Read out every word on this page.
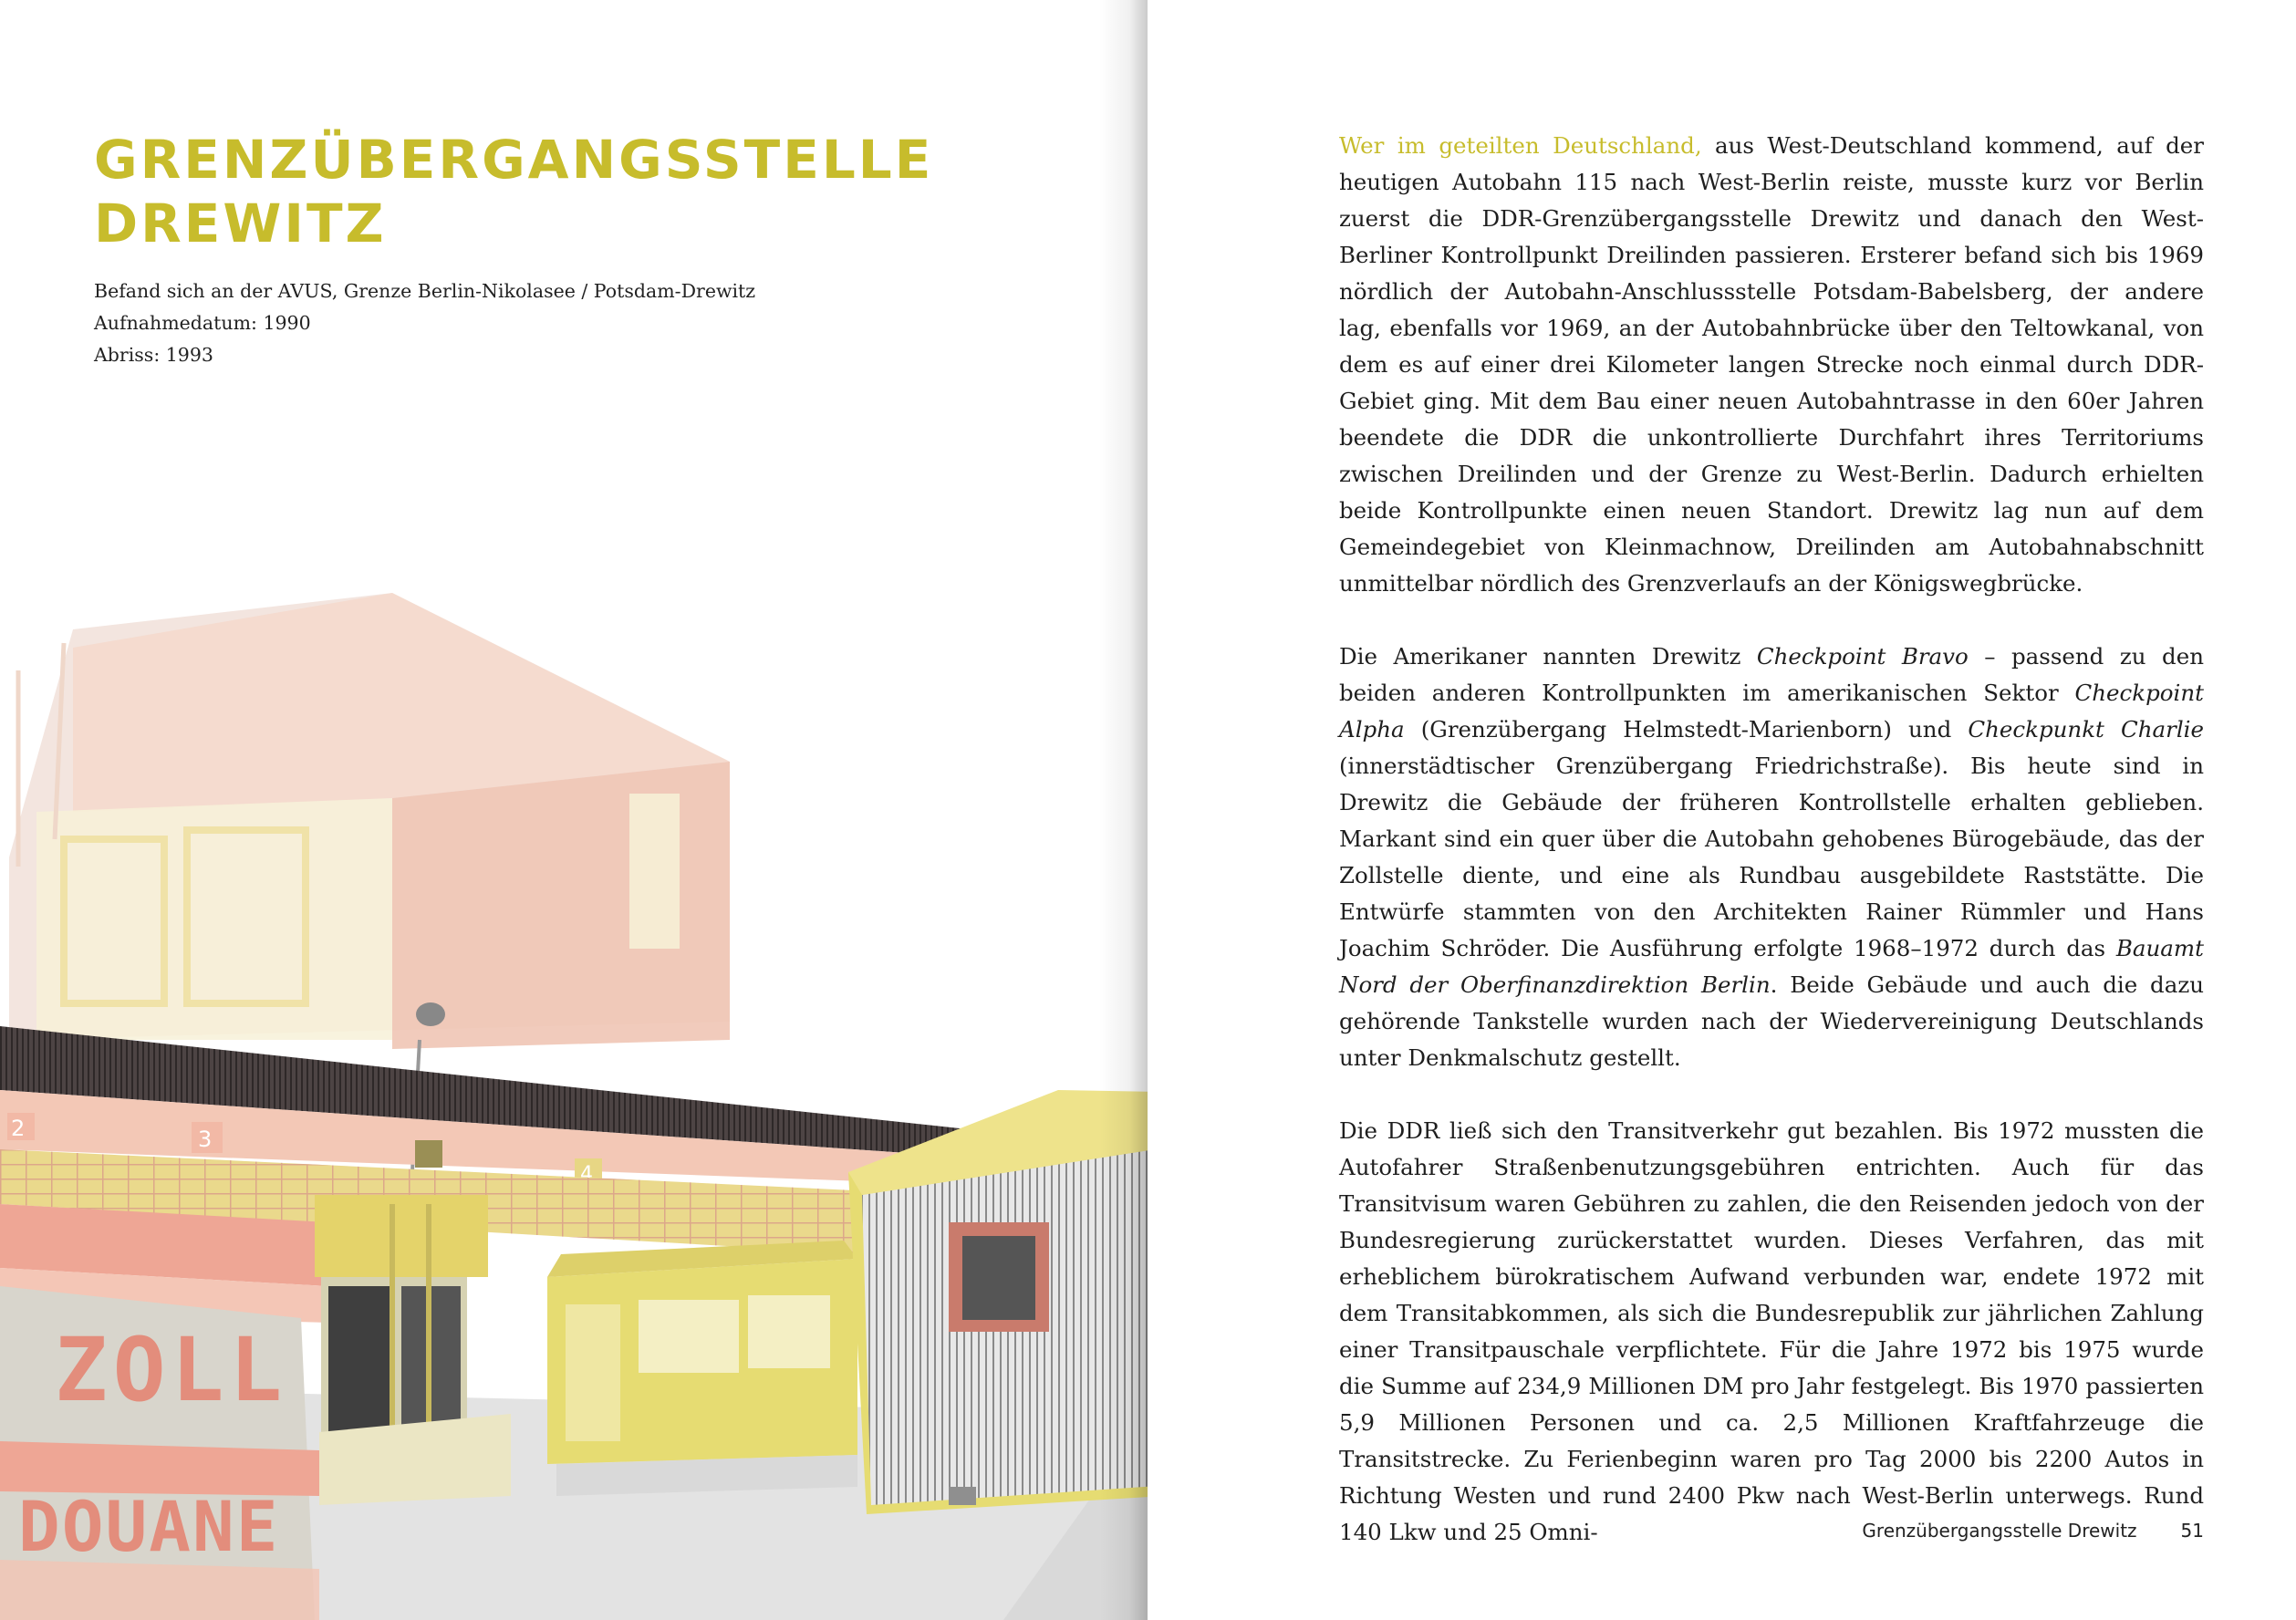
GRENZÜBERGANGSSTELLE
DREWITZ
Befand sich an der AVUS, Grenze Berlin-Nikolasee / Potsdam-Drewitz
Aufnahmedatum: 1990
Abriss: 1993
2	3
4
ZOLL
DOUANE

Wer im geteilten Deutschland, aus West-Deutschland kommend, auf der heutigen Autobahn 115 nach West-Berlin reiste, musste kurz vor Berlin zuerst die DDR-Grenzübergangsstelle Drewitz und danach den West-Berliner Kontrollpunkt Dreilinden passieren. Ersterer befand sich bis 1969 nördlich der Autobahn-Anschlussstelle Potsdam-Babelsberg, der andere lag, ebenfalls vor 1969, an der Autobahnbrücke über den Teltowkanal, von dem es auf einer drei Kilometer langen Strecke noch einmal durch DDR-Gebiet ging. Mit dem Bau einer neuen Autobahntrasse in den 60er Jahren beendete die DDR die unkontrollierte Durchfahrt ihres Territoriums zwischen Dreilinden und der Grenze zu West-Berlin. Dadurch erhielten beide Kontrollpunkte einen neuen Standort. Drewitz lag nun auf dem Gemeindegebiet von Kleinmachnow, Dreilinden am Autobahnabschnitt unmittelbar nördlich des Grenzverlaufs an der Königswegbrücke.

Die Amerikaner nannten Drewitz Checkpoint Bravo – passend zu den beiden anderen Kontrollpunkten im amerikanischen Sektor Checkpoint Alpha (Grenzübergang Helmstedt-Marienborn) und Checkpunkt Charlie (innerstädtischer Grenzübergang Friedrichstraße). Bis heute sind in Drewitz die Gebäude der früheren Kontrollstelle erhalten geblieben. Markant sind ein quer über die Autobahn gehobenes Bürogebäude, das der Zollstelle diente, und eine als Rundbau ausgebildete Raststätte. Die Entwürfe stammten von den Architekten Rainer Rümmler und Hans Joachim Schröder. Die Ausführung erfolgte 1968–1972 durch das Bauamt Nord der Oberfinanzdirektion Berlin. Beide Gebäude und auch die dazu gehörende Tankstelle wurden nach der Wiedervereinigung Deutschlands unter Denkmalschutz gestellt.

Die DDR ließ sich den Transitverkehr gut bezahlen. Bis 1972 mussten die Autofahrer Straßenbenutzungsgebühren entrichten. Auch für das Transitvisum waren Gebühren zu zahlen, die den Reisenden jedoch von der Bundesregierung zurückerstattet wurden. Dieses Verfahren, das mit erheblichem bürokratischem Aufwand verbunden war, endete 1972 mit dem Transitabkommen, als sich die Bundesrepublik zur jährlichen Zahlung einer Transitpauschale verpflichtete. Für die Jahre 1972 bis 1975 wurde die Summe auf 234,9 Millionen DM pro Jahr festgelegt. Bis 1970 passierten 5,9 Millionen Personen und ca. 2,5 Millionen Kraftfahrzeuge die Transitstrecke. Zu Ferienbeginn waren pro Tag 2000 bis 2200 Autos in Richtung Westen und rund 2400 Pkw nach West-Berlin unterwegs. Rund 140 Lkw und 25 Omni-	Grenzübergangsstelle Drewitz 51
